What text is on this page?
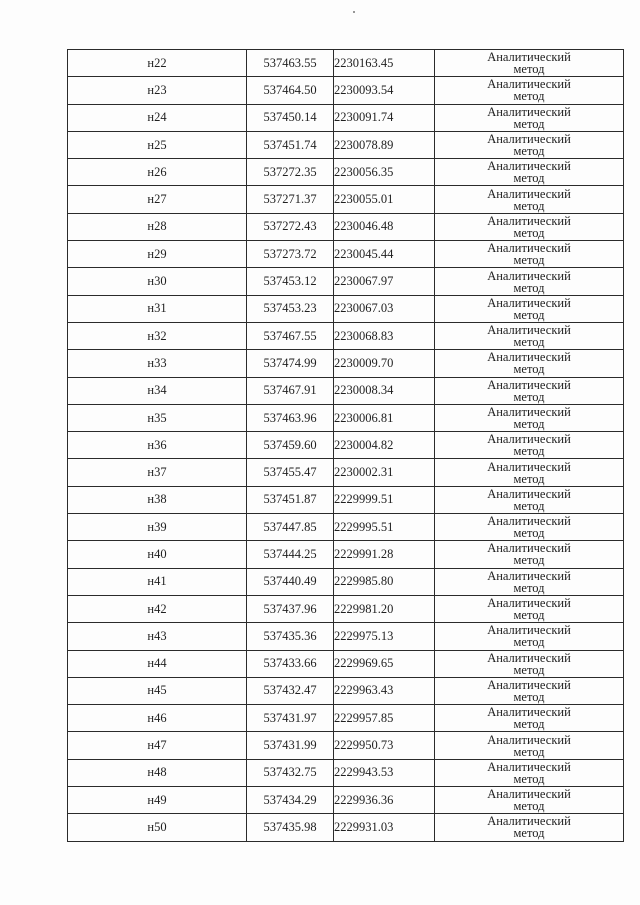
н22	537463.55	2230163.45	Аналитический
метод

н23	537464.50	2230093.54	Аналитический
метод

н24	537450.14	2230091.74	Аналитический
метод

н25	537451.74	2230078.89	Аналитический
метод

н26	537272.35	2230056.35	Аналитический
метод

н27	537271.37	2230055.01	Аналитический
метод

н28	537272.43	2230046.48	Аналитический
метод

н29	537273.72	2230045.44	Аналитический
метод

н30	537453.12	2230067.97	Аналитический
метод

н31	537453.23	2230067.03	Аналитический
метод

н32	537467.55	2230068.83	Аналитический
метод

н33	537474.99	2230009.70	Аналитический
метод

н34	537467.91	2230008.34	Аналитический
метод

н35	537463.96	2230006.81	Аналитический
метод

н36	537459.60	2230004.82	Аналитический
метод

н37	537455.47	2230002.31	Аналитический
метод

н38	537451.87	2229999.51	Аналитический
метод

н39	537447.85	2229995.51	Аналитический
метод

н40	537444.25	2229991.28	Аналитический
метод

н41	537440.49	2229985.80	Аналитический
метод

н42	537437.96	2229981.20	Аналитический
метод

н43	537435.36	2229975.13	Аналитический
метод

н44	537433.66	2229969.65	Аналитический
метод

н45	537432.47	2229963.43	Аналитический
метод

н46	537431.97	2229957.85	Аналитический
метод

н47	537431.99	2229950.73	Аналитический
метод

н48	537432.75	2229943.53	Аналитический
метод

н49	537434.29	2229936.36	Аналитический
метод

н50	537435.98	2229931.03	Аналитический
метод
